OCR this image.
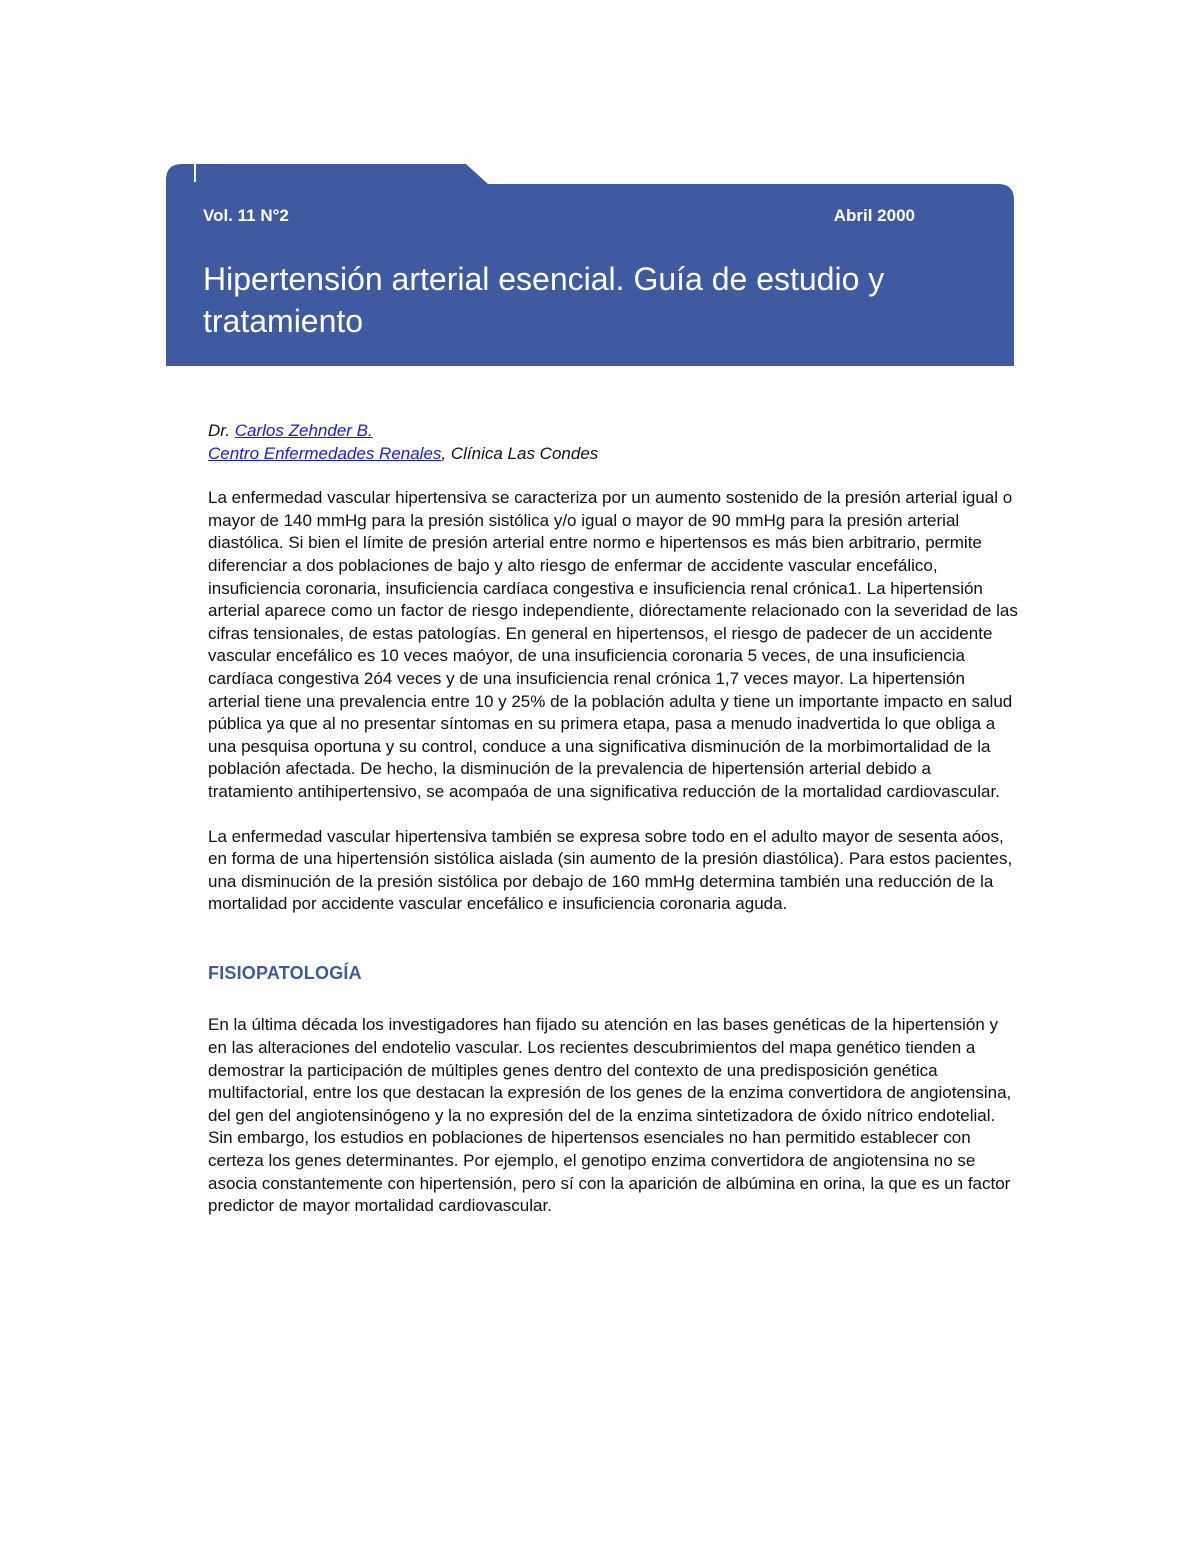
Vol. 11 N°2	Abril 2000
Hipertensión arterial esencial. Guía de estudio y tratamiento
Dr. Carlos Zehnder B.
Centro Enfermedades Renales, Clínica Las Condes

La enfermedad vascular hipertensiva se caracteriza por un aumento sostenido de la presión arterial igual o mayor de 140 mmHg para la presión sistólica y/o igual o mayor de 90 mmHg para la presión arterial diastólica. Si bien el límite de presión arterial entre normo e hipertensos es más bien arbitrario, permite diferenciar a dos poblaciones de bajo y alto riesgo de enfermar de accidente vascular encefálico, insuficiencia coronaria, insuficiencia cardíaca congestiva e insuficiencia renal crónica1. La hipertensión arterial aparece como un factor de riesgo independiente, diórectamente relacionado con la severidad de las cifras tensionales, de estas patologías. En general en hipertensos, el riesgo de padecer de un accidente vascular encefálico es 10 veces maóyor, de una insuficiencia coronaria 5 veces, de una insuficiencia cardíaca congestiva 2ó4 veces y de una insuficiencia renal crónica 1,7 veces mayor. La hipertensión arterial tiene una prevalencia entre 10 y 25% de la población adulta y tiene un importante impacto en salud pública ya que al no presentar síntomas en su primera etapa, pasa a menudo inadvertida lo que obliga a una pesquisa oportuna y su control, conduce a una significativa disminución de la morbimortalidad de la población afectada. De hecho, la disminución de la prevalencia de hipertensión arterial debido a tratamiento antihipertensivo, se acompaóa de una significativa reducción de la mortalidad cardiovascular.

La enfermedad vascular hipertensiva también se expresa sobre todo en el adulto mayor de sesenta aóos, en forma de una hipertensión sistólica aislada (sin aumento de la presión diastólica). Para estos pacientes, una disminución de la presión sistólica por debajo de 160 mmHg determina también una reducción de la mortalidad por accidente vascular encefálico e insuficiencia coronaria aguda.

FISIOPATOLOGÍA

En la última década los investigadores han fijado su atención en las bases genéticas de la hipertensión y en las alteraciones del endotelio vascular. Los recientes descubrimientos del mapa genético tienden a demostrar la participación de múltiples genes dentro del contexto de una predisposición genética multifactorial, entre los que destacan la expresión de los genes de la enzima convertidora de angiotensina, del gen del angiotensinógeno y la no expresión del de la enzima sintetizadora de óxido nítrico endotelial.

Sin embargo, los estudios en poblaciones de hipertensos esenciales no han permitido establecer con certeza los genes determinantes. Por ejemplo, el genotipo enzima convertidora de angiotensina no se asocia constantemente con hipertensión, pero sí con la aparición de albúmina en orina, la que es un factor predictor de mayor mortalidad cardiovascular.
